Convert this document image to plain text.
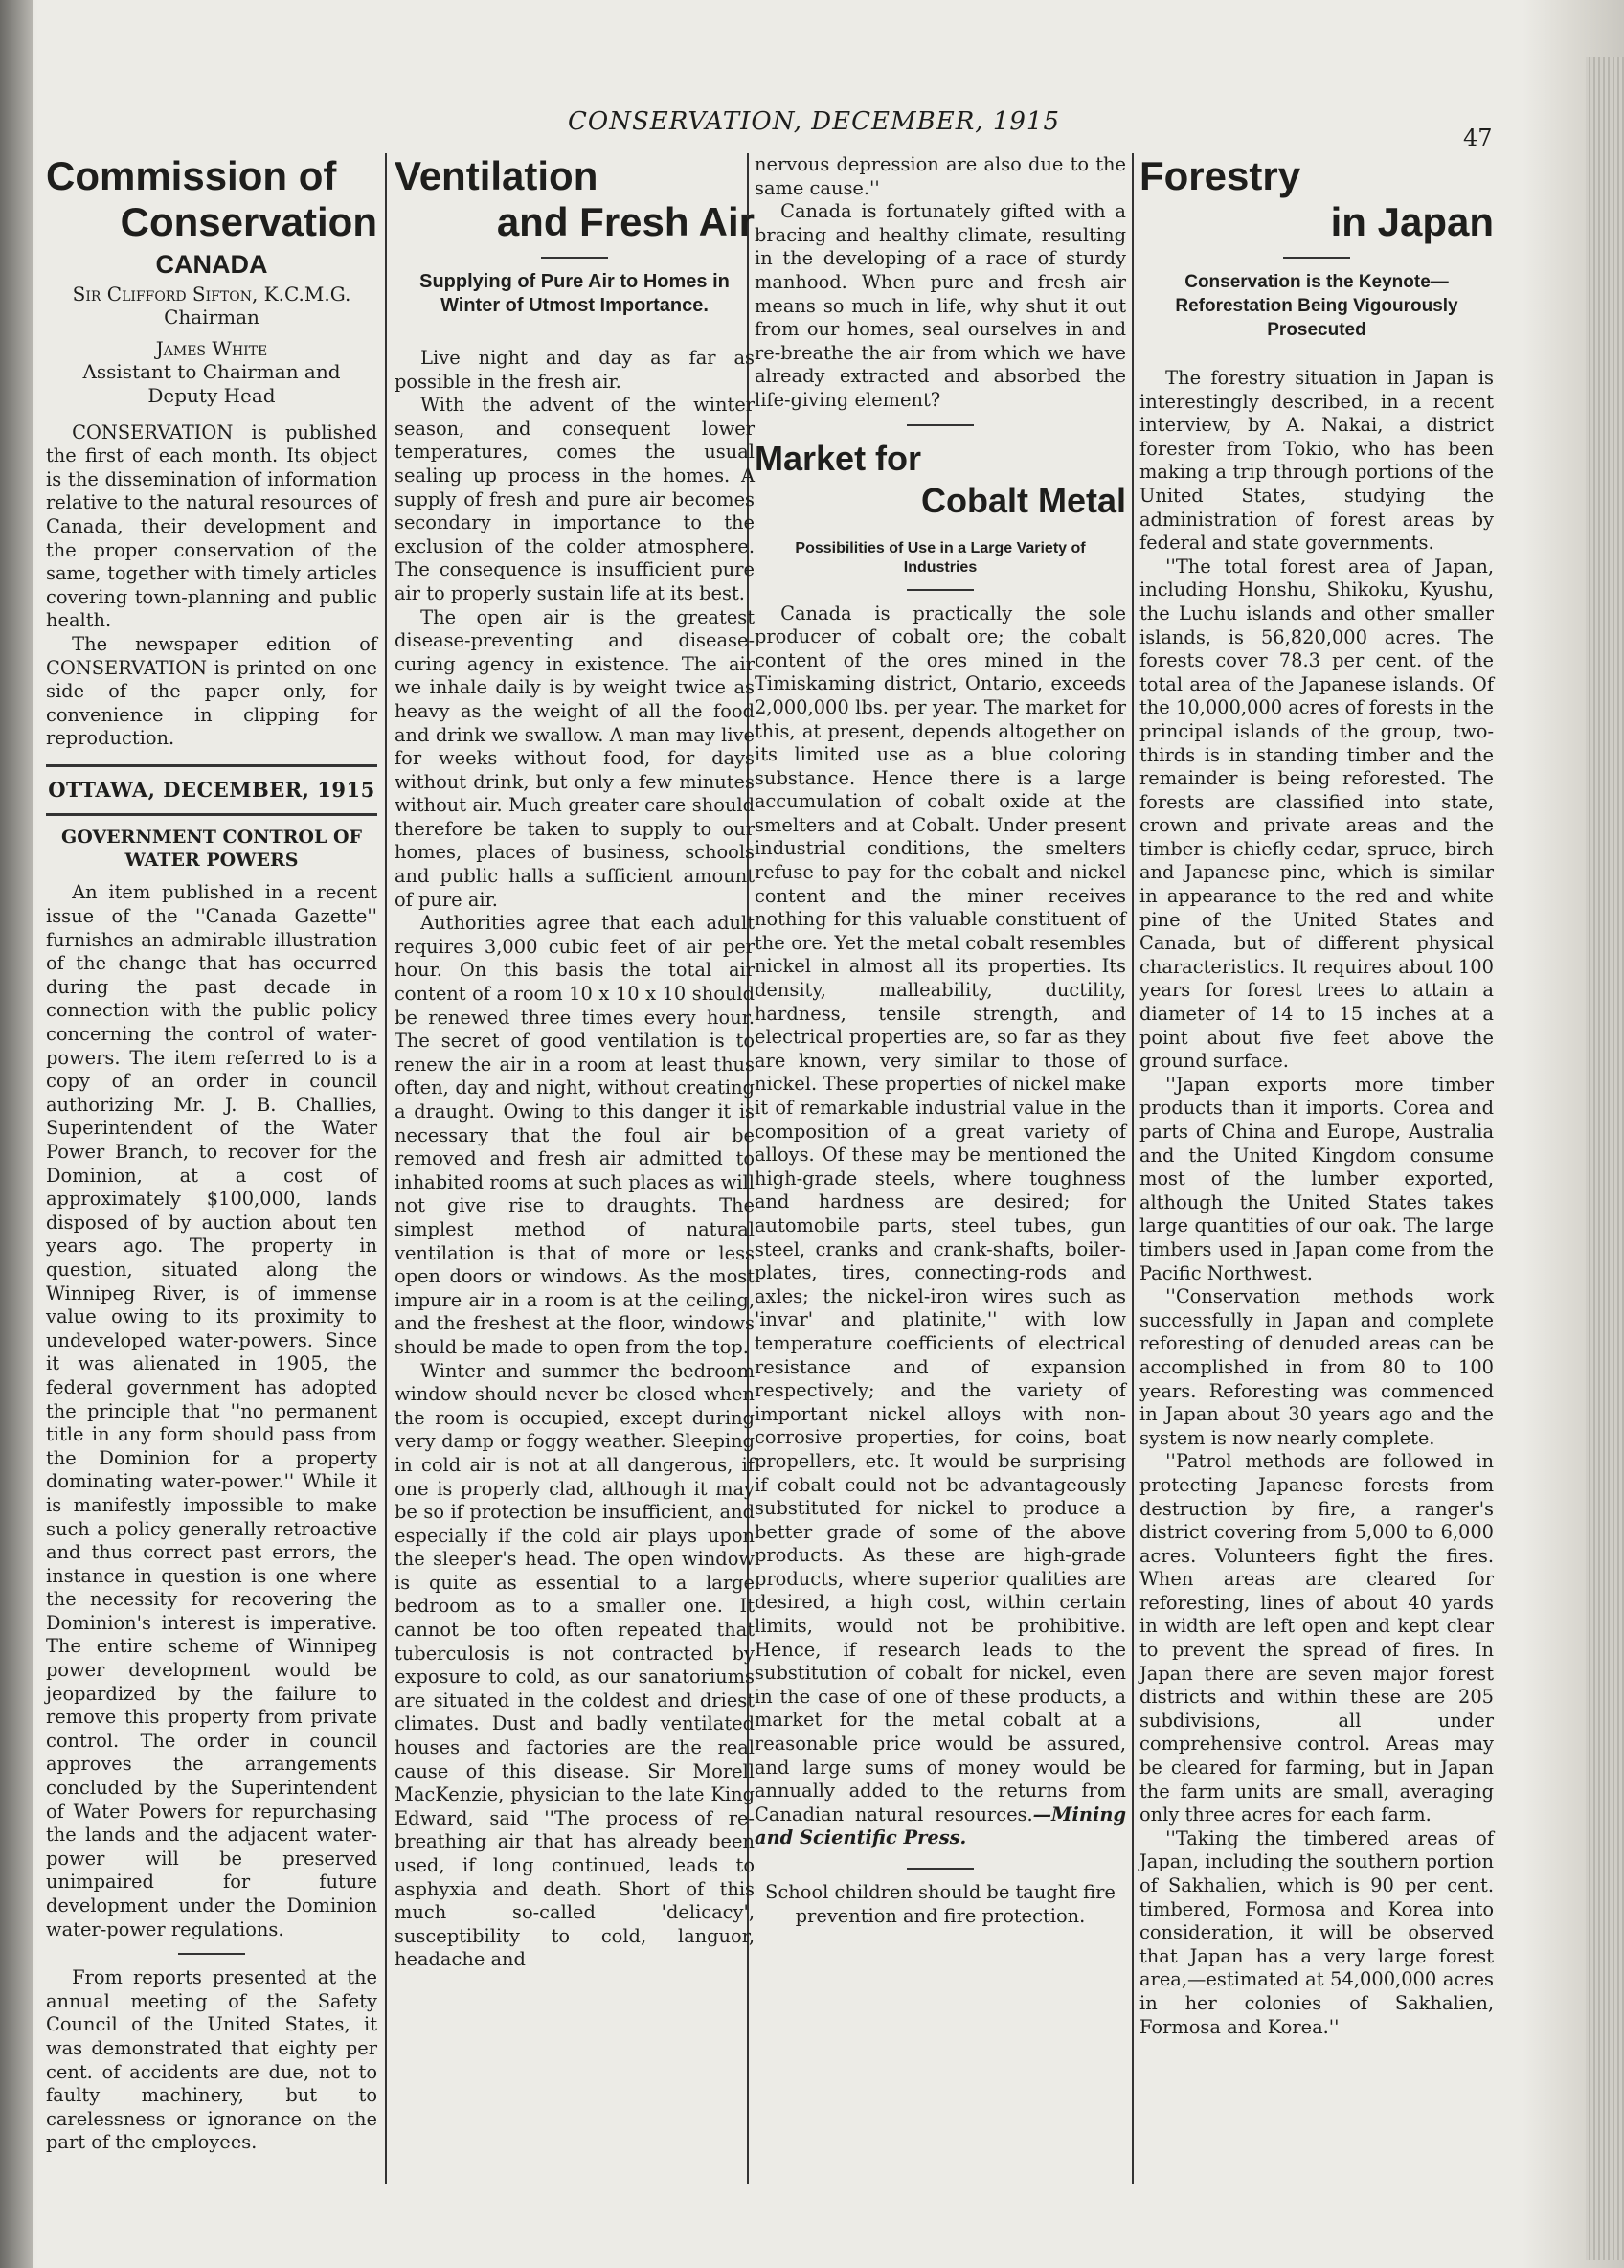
CONSERVATION, DECEMBER, 1915
47
Commission of
Conservation
CANADA
Sir Clifford Sifton, K.C.M.G.
Chairman
James White
Assistant to Chairman and Deputy Head

CONSERVATION is published the first of each month. Its object is the dissemination of information relative to the natural resources of Canada, their development and the proper conservation of the same, together with timely articles covering town-planning and public health.

The newspaper edition of CONSERVATION is printed on one side of the paper only, for convenience in clipping for reproduction.

OTTAWA, DECEMBER, 1915
GOVERNMENT CONTROL OF WATER POWERS

An item published in a recent issue of the ''Canada Gazette'' furnishes an admirable illustration of the change that has occurred during the past decade in connection with the public policy concerning the control of water-powers. The item referred to is a copy of an order in council authorizing Mr. J. B. Challies, Superintendent of the Water Power Branch, to recover for the Dominion, at a cost of approximately $100,000, lands disposed of by auction about ten years ago. The property in question, situated along the Winnipeg River, is of immense value owing to its proximity to undeveloped water-powers. Since it was alienated in 1905, the federal government has adopted the principle that ''no permanent title in any form should pass from the Dominion for a property dominating water-power.'' While it is manifestly impossible to make such a policy generally retroactive and thus correct past errors, the instance in question is one where the necessity for recovering the Dominion's interest is imperative. The entire scheme of Winnipeg power development would be jeopardized by the failure to remove this property from private control. The order in council approves the arrangements concluded by the Superintendent of Water Powers for repurchasing the lands and the adjacent water-power will be preserved unimpaired for future development under the Dominion water-power regulations.

From reports presented at the annual meeting of the Safety Council of the United States, it was demonstrated that eighty per cent. of accidents are due, not to faulty machinery, but to carelessness or ignorance on the part of the employees.

Ventilation
and Fresh Air
Supplying of Pure Air to Homes in Winter of Utmost Importance.

Live night and day as far as possible in the fresh air.

With the advent of the winter season, and consequent lower temperatures, comes the usual sealing up process in the homes. A supply of fresh and pure air becomes secondary in importance to the exclusion of the colder atmosphere. The consequence is insufficient pure air to properly sustain life at its best.

The open air is the greatest disease-preventing and disease-curing agency in existence. The air we inhale daily is by weight twice as heavy as the weight of all the food and drink we swallow. A man may live for weeks without food, for days without drink, but only a few minutes without air. Much greater care should therefore be taken to supply to our homes, places of business, schools and public halls a sufficient amount of pure air.

Authorities agree that each adult requires 3,000 cubic feet of air per hour. On this basis the total air content of a room 10 x 10 x 10 should be renewed three times every hour. The secret of good ventilation is to renew the air in a room at least thus often, day and night, without creating a draught. Owing to this danger it is necessary that the foul air be removed and fresh air admitted to inhabited rooms at such places as will not give rise to draughts. The simplest method of natural ventilation is that of more or less open doors or windows. As the most impure air in a room is at the ceiling, and the freshest at the floor, windows should be made to open from the top.

Winter and summer the bedroom window should never be closed when the room is occupied, except during very damp or foggy weather. Sleeping in cold air is not at all dangerous, if one is properly clad, although it may be so if protection be insufficient, and especially if the cold air plays upon the sleeper's head. The open window is quite as essential to a large bedroom as to a smaller one. It cannot be too often repeated that tuberculosis is not contracted by exposure to cold, as our sanatoriums are situated in the coldest and driest climates. Dust and badly ventilated houses and factories are the real cause of this disease. Sir Morell MacKenzie, physician to the late King Edward, said ''The process of re-breathing air that has already been used, if long continued, leads to asphyxia and death. Short of this much so-called 'delicacy', susceptibility to cold, languor, headache and

nervous depression are also due to the same cause.''

Canada is fortunately gifted with a bracing and healthy climate, resulting in the developing of a race of sturdy manhood. When pure and fresh air means so much in life, why shut it out from our homes, seal ourselves in and re-breathe the air from which we have already extracted and absorbed the life-giving element?

Market for
Cobalt Metal
Possibilities of Use in a Large Variety of Industries

Canada is practically the sole producer of cobalt ore; the cobalt content of the ores mined in the Timiskaming district, Ontario, exceeds 2,000,000 lbs. per year. The market for this, at present, depends altogether on its limited use as a blue coloring substance. Hence there is a large accumulation of cobalt oxide at the smelters and at Cobalt. Under present industrial conditions, the smelters refuse to pay for the cobalt and nickel content and the miner receives nothing for this valuable constituent of the ore. Yet the metal cobalt resembles nickel in almost all its properties. Its density, malleability, ductility, hardness, tensile strength, and electrical properties are, so far as they are known, very similar to those of nickel. These properties of nickel make it of remarkable industrial value in the composition of a great variety of alloys. Of these may be mentioned the high-grade steels, where toughness and hardness are desired; for automobile parts, steel tubes, gun steel, cranks and crank-shafts, boiler-plates, tires, connecting-rods and axles; the nickel-iron wires such as 'invar' and platinite,'' with low temperature coefficients of electrical resistance and of expansion respectively; and the variety of important nickel alloys with non-corrosive properties, for coins, boat propellers, etc. It would be surprising if cobalt could not be advantageously substituted for nickel to produce a better grade of some of the above products. As these are high-grade products, where superior qualities are desired, a high cost, within certain limits, would not be prohibitive. Hence, if research leads to the substitution of cobalt for nickel, even in the case of one of these products, a market for the metal cobalt at a reasonable price would be assured, and large sums of money would be annually added to the returns from Canadian natural resources.—Mining and Scientific Press.

School children should be taught fire prevention and fire protection.
Forestry
in Japan
Conservation is the Keynote—Reforestation Being Vigourously Prosecuted

The forestry situation in Japan is interestingly described, in a recent interview, by A. Nakai, a district forester from Tokio, who has been making a trip through portions of the United States, studying the administration of forest areas by federal and state governments.

''The total forest area of Japan, including Honshu, Shikoku, Kyushu, the Luchu islands and other smaller islands, is 56,820,000 acres. The forests cover 78.3 per cent. of the total area of the Japanese islands. Of the 10,000,000 acres of forests in the principal islands of the group, two-thirds is in standing timber and the remainder is being reforested. The forests are classified into state, crown and private areas and the timber is chiefly cedar, spruce, birch and Japanese pine, which is similar in appearance to the red and white pine of the United States and Canada, but of different physical characteristics. It requires about 100 years for forest trees to attain a diameter of 14 to 15 inches at a point about five feet above the ground surface.

''Japan exports more timber products than it imports. Corea and parts of China and Europe, Australia and the United Kingdom consume most of the lumber exported, although the United States takes large quantities of our oak. The large timbers used in Japan come from the Pacific Northwest.

''Conservation methods work successfully in Japan and complete reforesting of denuded areas can be accomplished in from 80 to 100 years. Reforesting was commenced in Japan about 30 years ago and the system is now nearly complete.

''Patrol methods are followed in protecting Japanese forests from destruction by fire, a ranger's district covering from 5,000 to 6,000 acres. Volunteers fight the fires. When areas are cleared for reforesting, lines of about 40 yards in width are left open and kept clear to prevent the spread of fires. In Japan there are seven major forest districts and within these are 205 subdivisions, all under comprehensive control. Areas may be cleared for farming, but in Japan the farm units are small, averaging only three acres for each farm.

''Taking the timbered areas of Japan, including the southern portion of Sakhalien, which is 90 per cent. timbered, Formosa and Korea into consideration, it will be observed that Japan has a very large forest area,—estimated at 54,000,000 acres in her colonies of Sakhalien, Formosa and Korea.''
